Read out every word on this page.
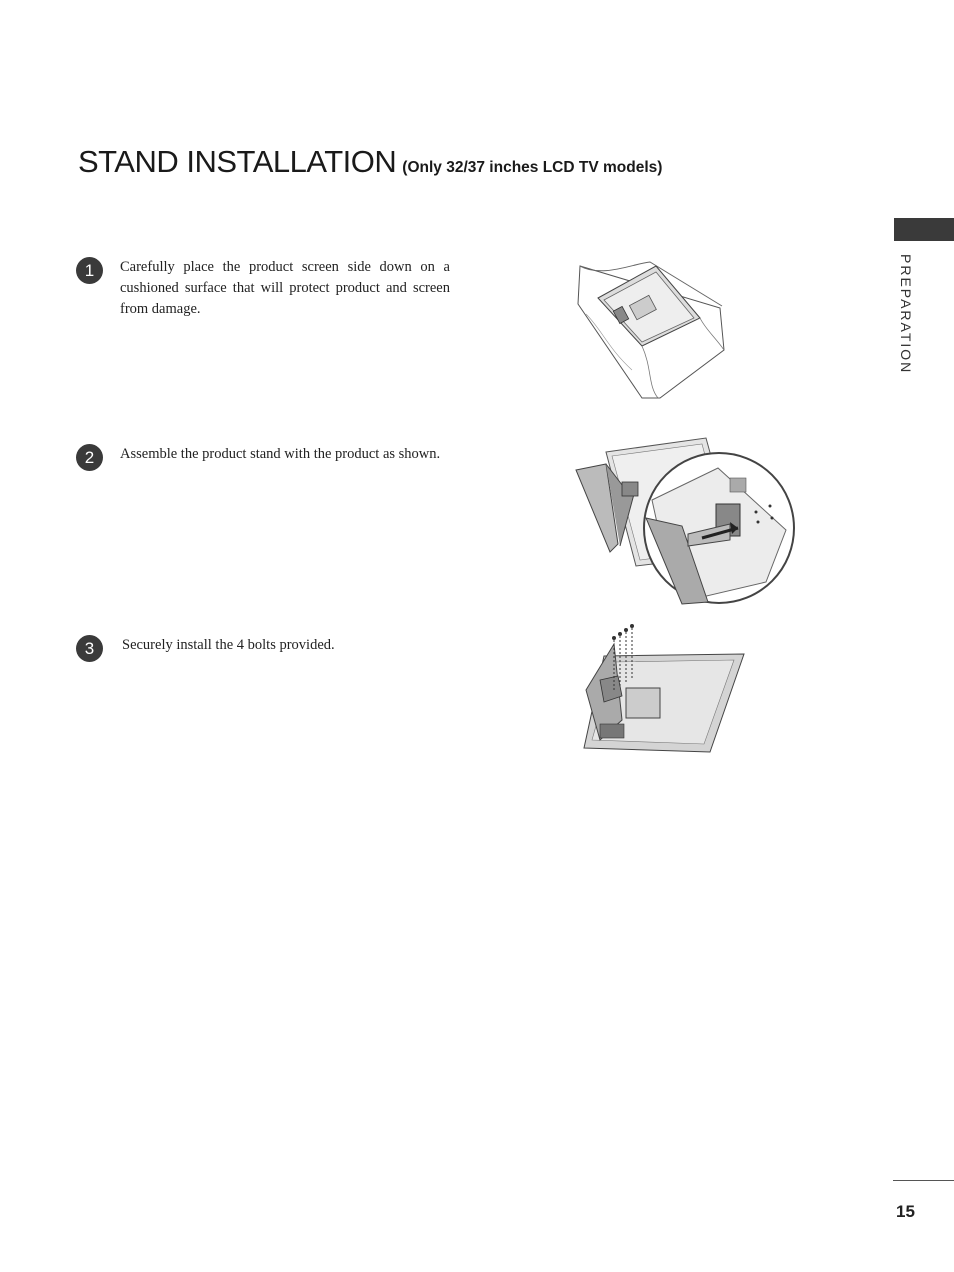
STAND INSTALLATION (Only 32/37 inches LCD TV models)
PREPARATION
1	Carefully place the product screen side down on a cushioned surface that will protect product and screen from damage.
2	Assemble the product stand with the product as shown.
3	Securely install the 4 bolts provided.
15
